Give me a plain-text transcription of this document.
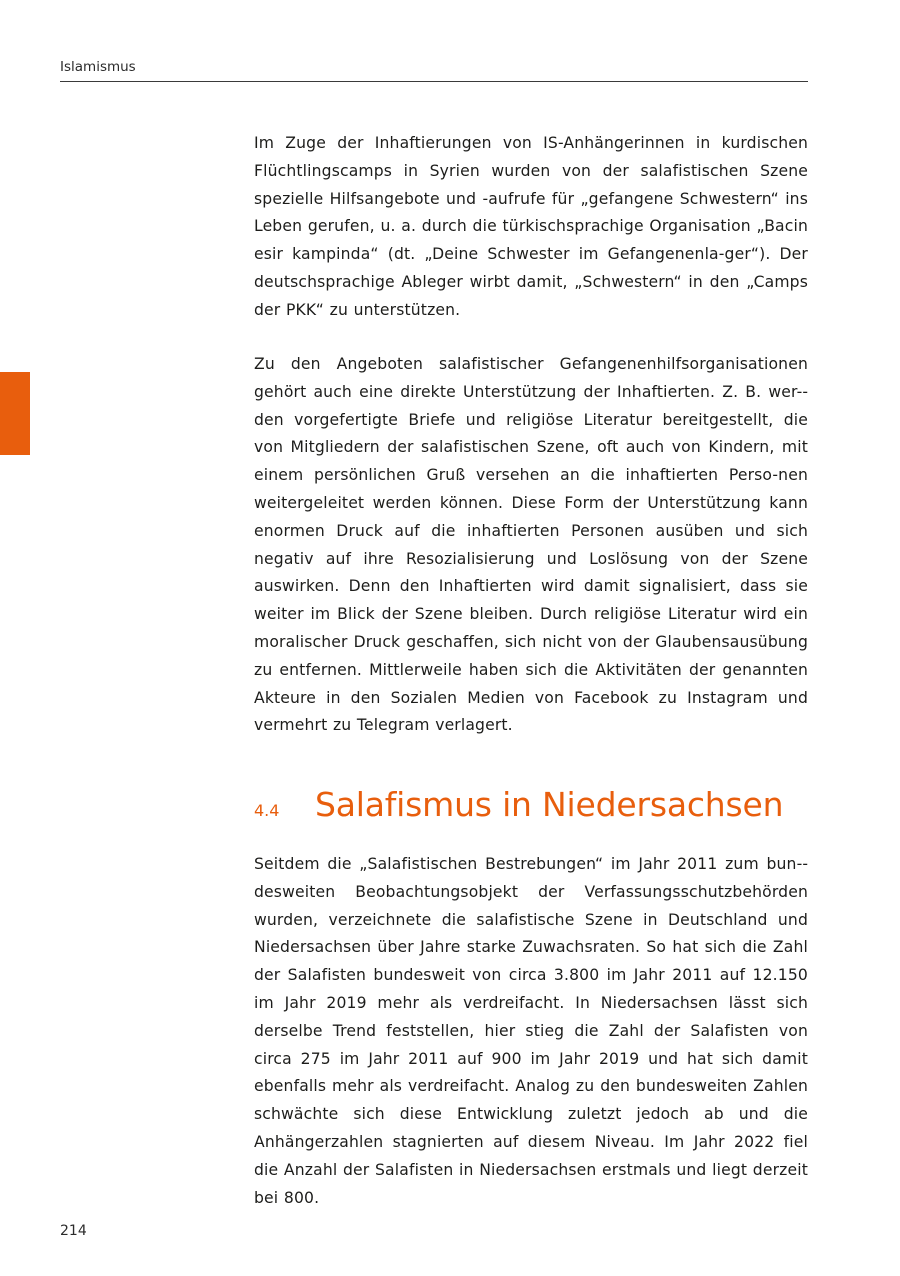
Islamismus

Im Zuge der Inhaftierungen von IS-Anhängerinnen in kurdischen Flüchtlingscamps in Syrien wurden von der salafistischen Szene spezielle Hilfsangebote und -aufrufe für „gefangene Schwestern“ ins Leben gerufen, u. a. durch die türkischsprachige Organisation „Bacin esir kampinda“ (dt. „Deine Schwester im Gefangenenla-ger“). Der deutschsprachige Ableger wirbt damit, „Schwestern“ in den „Camps der PKK“ zu unterstützen.

Zu den Angeboten salafistischer Gefangenenhilfsorganisationen gehört auch eine direkte Unterstützung der Inhaftierten. Z. B. wer-den vorgefertigte Briefe und religiöse Literatur bereitgestellt, die von Mitgliedern der salafistischen Szene, oft auch von Kindern, mit einem persönlichen Gruß versehen an die inhaftierten Perso-nen weitergeleitet werden können. Diese Form der Unterstützung kann enormen Druck auf die inhaftierten Personen ausüben und sich negativ auf ihre Resozialisierung und Loslösung von der Szene auswirken. Denn den Inhaftierten wird damit signalisiert, dass sie weiter im Blick der Szene bleiben. Durch religiöse Literatur wird ein moralischer Druck geschaffen, sich nicht von der Glaubensausübung zu entfernen. Mittlerweile haben sich die Aktivitäten der genannten Akteure in den Sozialen Medien von Facebook zu Instagram und vermehrt zu Telegram verlagert.

4.4 Salafismus in Niedersachsen

Seitdem die „Salafistischen Bestrebungen“ im Jahr 2011 zum bun-desweiten Beobachtungsobjekt der Verfassungsschutzbehörden wurden, verzeichnete die salafistische Szene in Deutschland und Niedersachsen über Jahre starke Zuwachsraten. So hat sich die Zahl der Salafisten bundesweit von circa 3.800 im Jahr 2011 auf 12.150 im Jahr 2019 mehr als verdreifacht. In Niedersachsen lässt sich derselbe Trend feststellen, hier stieg die Zahl der Salafisten von circa 275 im Jahr 2011 auf 900 im Jahr 2019 und hat sich damit ebenfalls mehr als verdreifacht. Analog zu den bundesweiten Zahlen schwächte sich diese Entwicklung zuletzt jedoch ab und die Anhängerzahlen stagnierten auf diesem Niveau. Im Jahr 2022 fiel die Anzahl der Salafisten in Niedersachsen erstmals und liegt derzeit bei 800.

214
